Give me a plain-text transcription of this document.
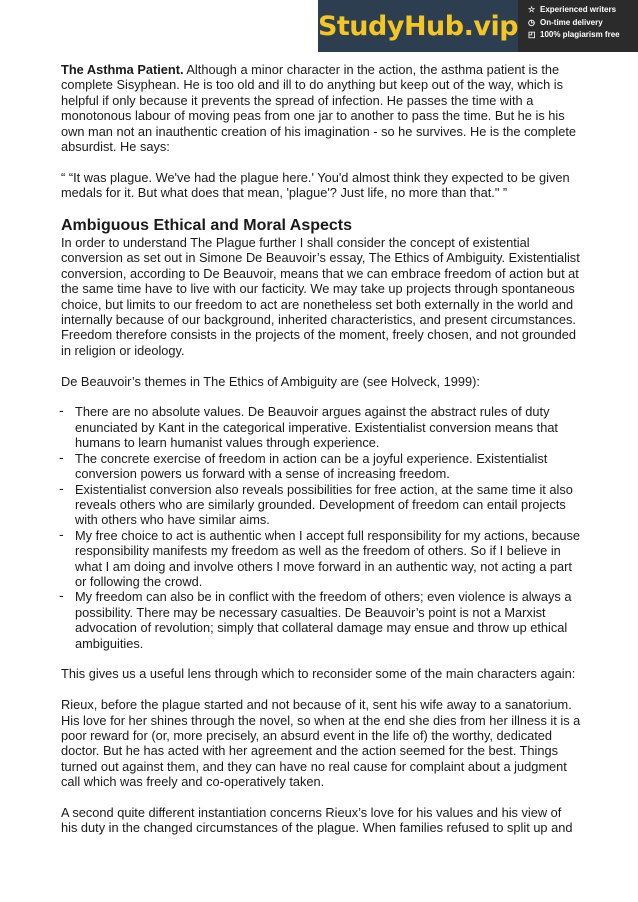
StudyHub.vip
☆ Experienced writers
◷ On-time delivery
◰ 100% plagiarism free

The Asthma Patient. Although a minor character in the action, the asthma patient is the complete Sisyphean. He is too old and ill to do anything but keep out of the way, which is helpful if only because it prevents the spread of infection. He passes the time with a monotonous labour of moving peas from one jar to another to pass the time. But he is his own man not an inauthentic creation of his imagination - so he survives. He is the complete absurdist. He says:

“ “It was plague. We've had the plague here.' You'd almost think they expected to be given medals for it. But what does that mean, 'plague'? Just life, no more than that." ”

Ambiguous Ethical and Moral Aspects

In order to understand The Plague further I shall consider the concept of existential conversion as set out in Simone De Beauvoir’s essay, The Ethics of Ambiguity. Existentialist conversion, according to De Beauvoir, means that we can embrace freedom of action but at the same time have to live with our facticity. We may take up projects through spontaneous choice, but limits to our freedom to act are nonetheless set both externally in the world and internally because of our background, inherited characteristics, and present circumstances. Freedom therefore consists in the projects of the moment, freely chosen, and not grounded in religion or ideology.

De Beauvoir’s themes in The Ethics of Ambiguity are (see Holveck, 1999):

- There are no absolute values. De Beauvoir argues against the abstract rules of duty enunciated by Kant in the categorical imperative. Existentialist conversion means that humans to learn humanist values through experience.
- The concrete exercise of freedom in action can be a joyful experience. Existentialist conversion powers us forward with a sense of increasing freedom.
- Existentialist conversion also reveals possibilities for free action, at the same time it also reveals others who are similarly grounded. Development of freedom can entail projects with others who have similar aims.
- My free choice to act is authentic when I accept full responsibility for my actions, because responsibility manifests my freedom as well as the freedom of others. So if I believe in what I am doing and involve others I move forward in an authentic way, not acting a part or following the crowd.
- My freedom can also be in conflict with the freedom of others; even violence is always a possibility. There may be necessary casualties. De Beauvoir’s point is not a Marxist advocation of revolution; simply that collateral damage may ensue and throw up ethical ambiguities.

This gives us a useful lens through which to reconsider some of the main characters again:

Rieux, before the plague started and not because of it, sent his wife away to a sanatorium. His love for her shines through the novel, so when at the end she dies from her illness it is a poor reward for (or, more precisely, an absurd event in the life of) the worthy, dedicated doctor. But he has acted with her agreement and the action seemed for the best. Things turned out against them, and they can have no real cause for complaint about a judgment call which was freely and co-operatively taken.

A second quite different instantiation concerns Rieux’s love for his values and his view of his duty in the changed circumstances of the plague. When families refused to split up and
